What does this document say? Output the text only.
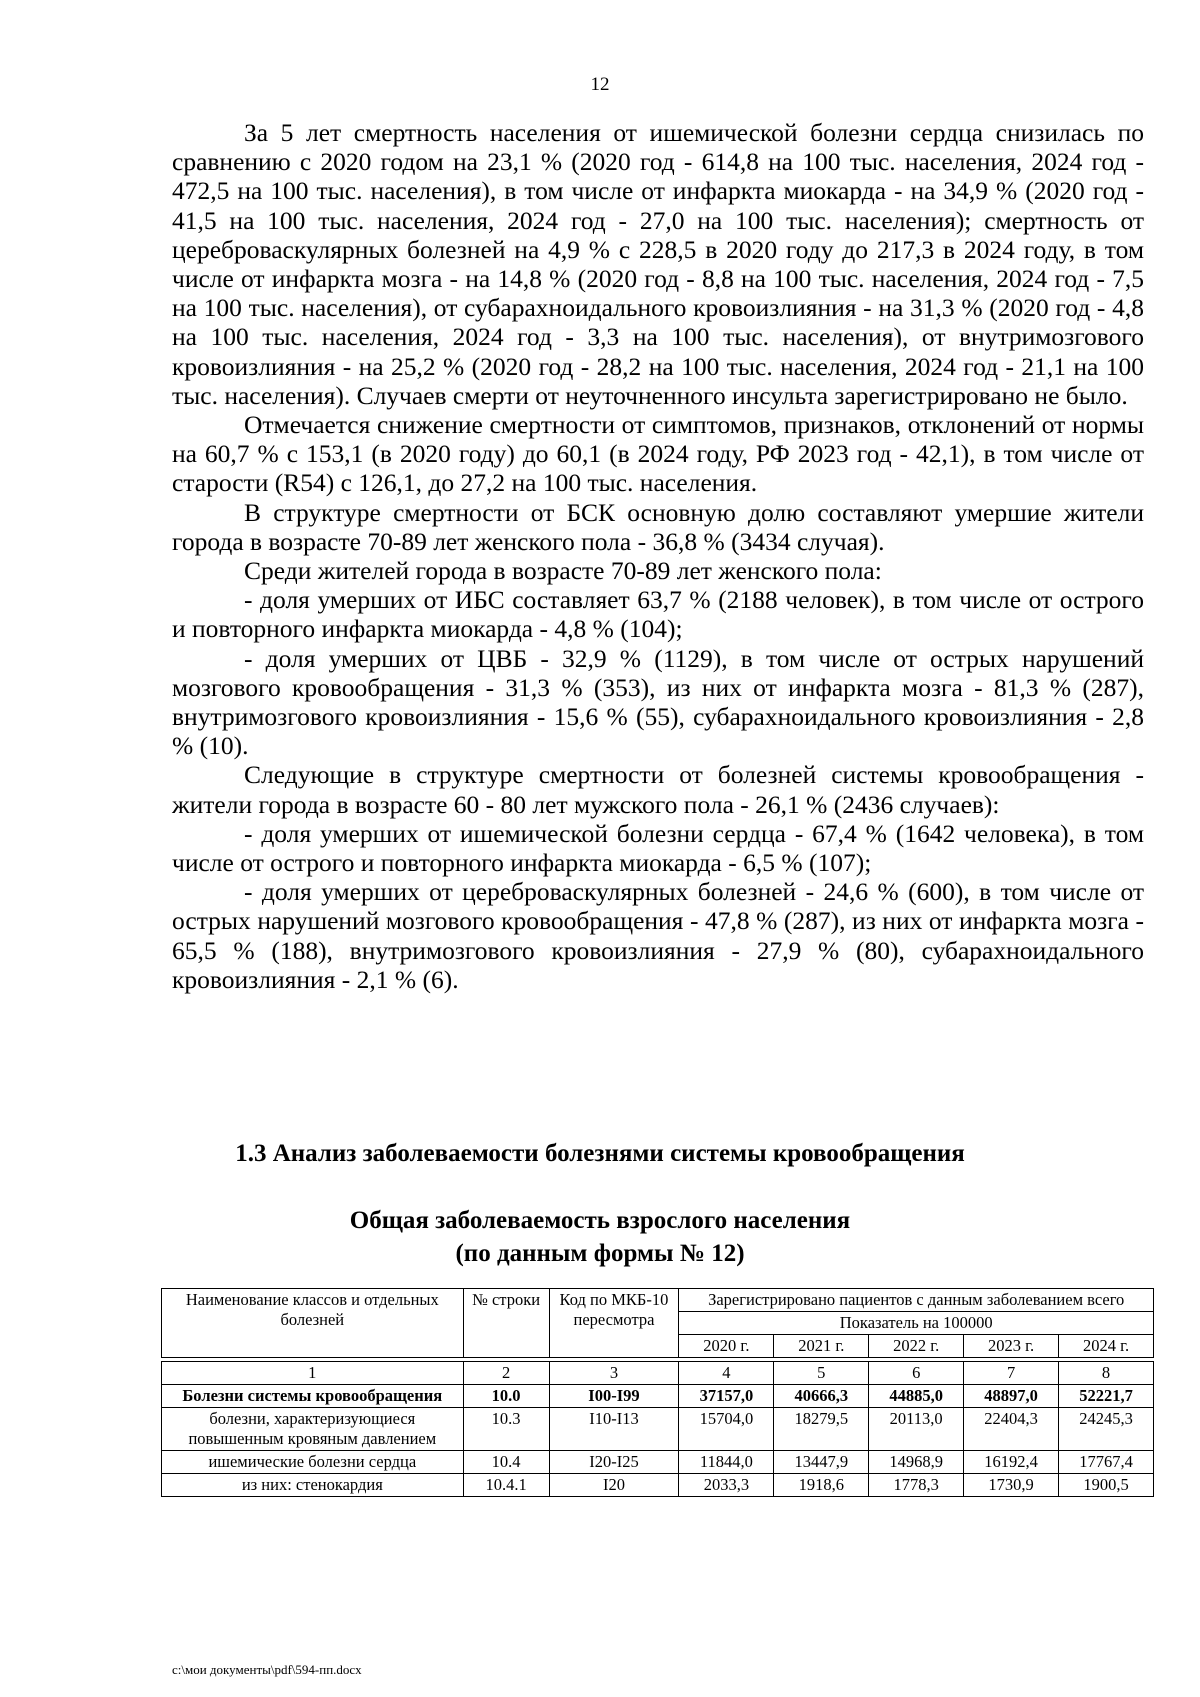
12

За 5 лет смертность населения от ишемической болезни сердца снизилась по сравнению с 2020 годом на 23,1 % (2020 год - 614,8 на 100 тыс. населения, 2024 год - 472,5 на 100 тыс. населения), в том числе от инфаркта миокарда - на 34,9 % (2020 год - 41,5 на 100 тыс. населения, 2024 год - 27,0 на 100 тыс. населения); смертность от цереброваскулярных болезней на 4,9 % с 228,5 в 2020 году до 217,3 в 2024 году, в том числе от инфаркта мозга - на 14,8 % (2020 год - 8,8 на 100 тыс. населения, 2024 год - 7,5 на 100 тыс. населения), от субарахноидального кровоизлияния - на 31,3 % (2020 год - 4,8 на 100 тыс. населения, 2024 год - 3,3 на 100 тыс. населения), от внутримозгового кровоизлияния - на 25,2 % (2020 год - 28,2 на 100 тыс. населения, 2024 год - 21,1 на 100 тыс. населения). Случаев смерти от неуточненного инсульта зарегистрировано не было.

Отмечается снижение смертности от симптомов, признаков, отклонений от нормы на 60,7 % с 153,1 (в 2020 году) до 60,1 (в 2024 году, РФ 2023 год - 42,1), в том числе от старости (R54) с 126,1, до 27,2 на 100 тыс. населения.

В структуре смертности от БСК основную долю составляют умершие жители города в возрасте 70-89 лет женского пола - 36,8 % (3434 случая).

Среди жителей города в возрасте 70-89 лет женского пола:

- доля умерших от ИБС составляет 63,7 % (2188 человек), в том числе от острого и повторного инфаркта миокарда - 4,8 % (104);

- доля умерших от ЦВБ - 32,9 % (1129), в том числе от острых нарушений мозгового кровообращения - 31,3 % (353), из них от инфаркта мозга - 81,3 % (287), внутримозгового кровоизлияния - 15,6 % (55), субарахноидального кровоизлияния - 2,8 % (10).

Следующие в структуре смертности от болезней системы кровообращения - жители города в возрасте 60 - 80 лет мужского пола - 26,1 % (2436 случаев):

- доля умерших от ишемической болезни сердца - 67,4 % (1642 человека), в том числе от острого и повторного инфаркта миокарда - 6,5 % (107);

- доля умерших от цереброваскулярных болезней - 24,6 % (600), в том числе от острых нарушений мозгового кровообращения - 47,8 % (287), из них от инфаркта мозга - 65,5 % (188), внутримозгового кровоизлияния - 27,9 % (80), субарахноидального кровоизлияния - 2,1 % (6).

1.3 Анализ заболеваемости болезнями системы кровообращения
Общая заболеваемость взрослого населения
(по данным формы № 12)
Наименование классов и отдельных болезней	№ строки	Код по МКБ-10 пересмотра	Зарегистрировано пациентов с данным заболеванием всего				
			Показатель на 100000				
			2020 г.	2021 г.	2022 г.	2023 г.	2024 г.

1	2	3	4	5	6	7	8
Болезни системы кровообращения	10.0	I00-I99	37157,0	40666,3	44885,0	48897,0	52221,7
болезни, характеризующиеся повышенным кровяным давлением	10.3	I10-I13	15704,0	18279,5	20113,0	22404,3	24245,3
ишемические болезни сердца	10.4	I20-I25	11844,0	13447,9	14968,9	16192,4	17767,4
из них: стенокардия	10.4.1	I20	2033,3	1918,6	1778,3	1730,9	1900,5
c:\мои документы\pdf\594-пп.docx
